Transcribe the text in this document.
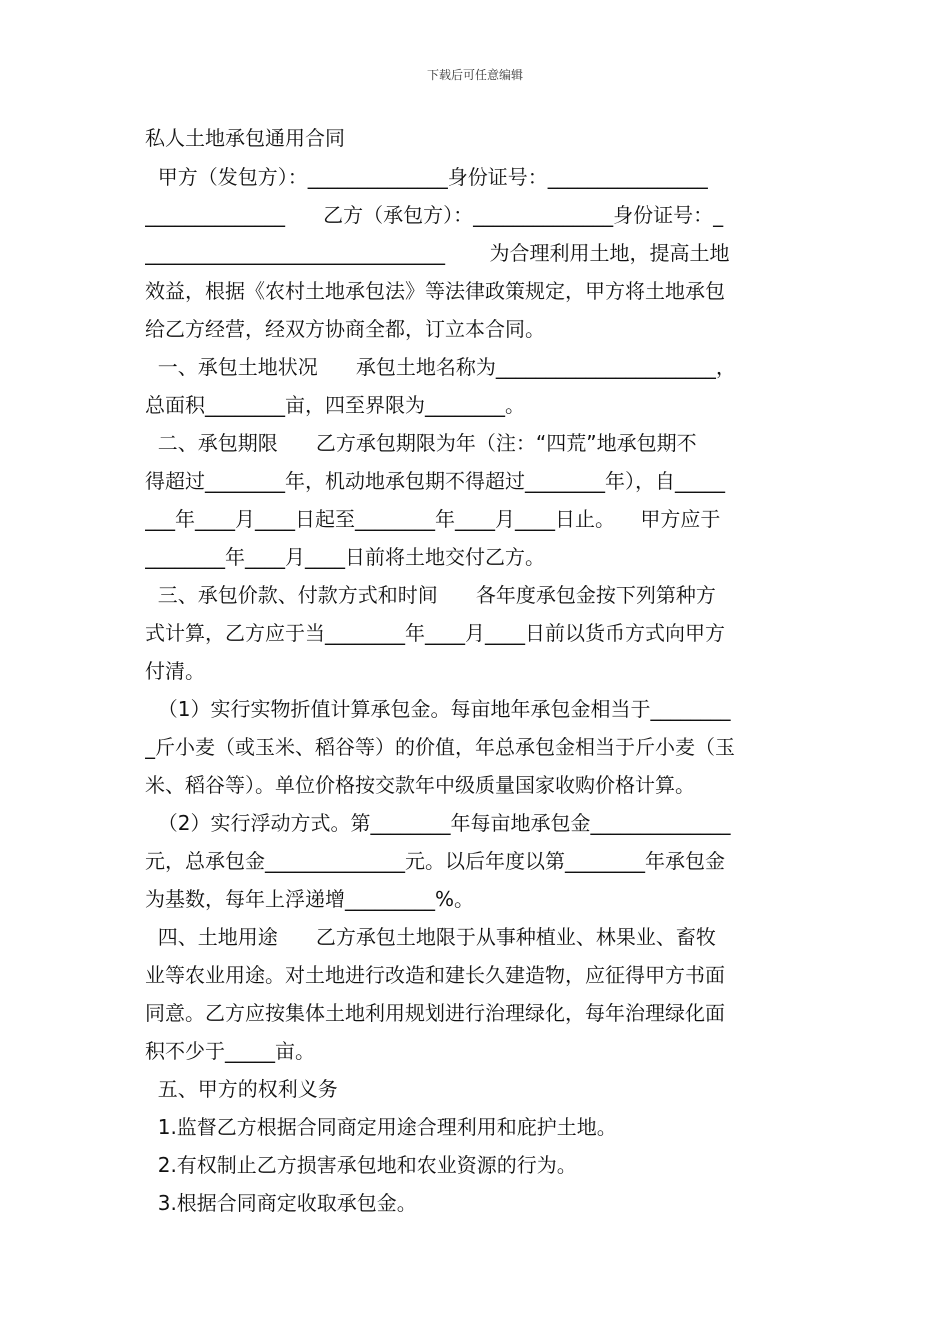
下载后可任意编辑
私人土地承包通用合同
甲方（发包方）：______________身份证号：________________
______________      乙方（承包方）：______________身份证号：_
______________________________       为合理利用土地，提高土地
效益，根据《农村土地承包法》等法律政策规定，甲方将土地承包
给乙方经营，经双方协商全都，订立本合同。
一、承包土地状况      承包土地名称为______________________，
总面积________亩，四至界限为________。
二、承包期限      乙方承包期限为年（注：“四荒”地承包期不
得超过________年，机动地承包期不得超过________年），自_____
___年____月____日起至________年____月____日止。    甲方应于
________年____月____日前将土地交付乙方。
三、承包价款、付款方式和时间      各年度承包金按下列第种方
式计算，乙方应于当________年____月____日前以货币方式向甲方
付清。
（1）实行实物折值计算承包金。每亩地年承包金相当于________
_斤小麦（或玉米、稻谷等）的价值，年总承包金相当于斤小麦（玉
米、稻谷等）。单位价格按交款年中级质量国家收购价格计算。
（2）实行浮动方式。第________年每亩地承包金______________
元，总承包金______________元。以后年度以第________年承包金
为基数，每年上浮递增_________%。
四、土地用途      乙方承包土地限于从事种植业、林果业、畜牧
业等农业用途。对土地进行改造和建长久建造物，应征得甲方书面
同意。乙方应按集体土地利用规划进行治理绿化，每年治理绿化面
积不少于_____亩。
五、甲方的权利义务
1.监督乙方根据合同商定用途合理利用和庇护土地。
2.有权制止乙方损害承包地和农业资源的行为。
3.根据合同商定收取承包金。
